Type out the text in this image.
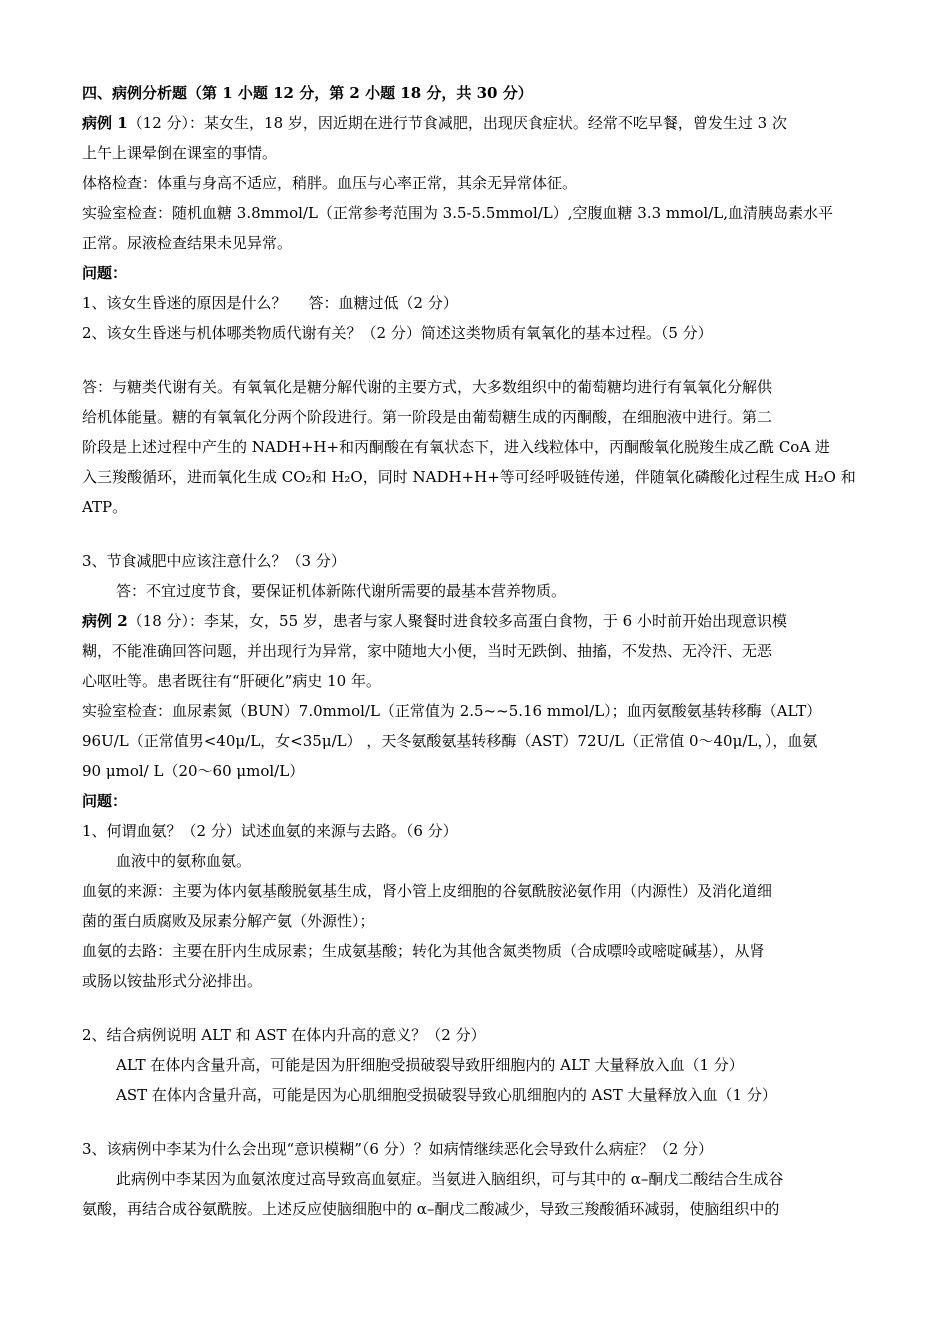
四、病例分析题（第 1 小题 12 分，第 2 小题 18 分，共 30 分）
病例 1（12 分）：某女生，18 岁，因近期在进行节食减肥，出现厌食症状。经常不吃早餐，曾发生过 3 次
上午上课晕倒在课室的事情。
体格检查：体重与身高不适应，稍胖。血压与心率正常，其余无异常体征。
实验室检查：随机血糖 3.8mmol/L（正常参考范围为 3.5-5.5mmol/L）,空腹血糖 3.3 mmol/L,血清胰岛素水平
正常。尿液检查结果未见异常。
问题：
1、该女生昏迷的原因是什么？ 答：血糖过低（2 分）
2、该女生昏迷与机体哪类物质代谢有关？（2 分）简述这类物质有氧氧化的基本过程。（5 分）
答：与糖类代谢有关。有氧氧化是糖分解代谢的主要方式，大多数组织中的葡萄糖均进行有氧氧化分解供
给机体能量。糖的有氧氧化分两个阶段进行。第一阶段是由葡萄糖生成的丙酮酸，在细胞液中进行。第二
阶段是上述过程中产生的 NADH+H+和丙酮酸在有氧状态下，进入线粒体中，丙酮酸氧化脱羧生成乙酰 CoA 进
入三羧酸循环，进而氧化生成 CO₂和 H₂O，同时 NADH+H+等可经呼吸链传递，伴随氧化磷酸化过程生成 H₂O 和
ATP。
3、节食减肥中应该注意什么？（3 分）
答：不宜过度节食，要保证机体新陈代谢所需要的最基本营养物质。
病例 2（18 分）：李某，女，55 岁，患者与家人聚餐时进食较多高蛋白食物，于 6 小时前开始出现意识模
糊，不能准确回答问题，并出现行为异常，家中随地大小便，当时无跌倒、抽搐，不发热、无冷汗、无恶
心呕吐等。患者既往有“肝硬化”病史 10 年。
实验室检查：血尿素氮（BUN）7.0mmol/L（正常值为 2.5~~5.16 mmol/L）；血丙氨酸氨基转移酶（ALT）
96U/L（正常值男<40μ/L，女<35μ/L） ，天冬氨酸氨基转移酶（AST）72U/L（正常值 0～40μ/L，），血氨
90 μmol/ L（20～60 μmol/L）
问题：
1、何谓血氨？（2 分）试述血氨的来源与去路。（6 分）
血液中的氨称血氨。
血氨的来源：主要为体内氨基酸脱氨基生成，肾小管上皮细胞的谷氨酰胺泌氨作用（内源性）及消化道细
菌的蛋白质腐败及尿素分解产氨（外源性）；
血氨的去路：主要在肝内生成尿素；生成氨基酸；转化为其他含氮类物质（合成嘌呤或嘧啶碱基），从肾
或肠以铵盐形式分泌排出。
2、结合病例说明 ALT 和 AST 在体内升高的意义？（2 分）
ALT 在体内含量升高，可能是因为肝细胞受损破裂导致肝细胞内的 ALT 大量释放入血（1 分）
AST 在体内含量升高，可能是因为心肌细胞受损破裂导致心肌细胞内的 AST 大量释放入血（1 分）
3、该病例中李某为什么会出现“意识模糊”（6 分）？如病情继续恶化会导致什么病症？（2 分）
此病例中李某因为血氨浓度过高导致高血氨症。当氨进入脑组织，可与其中的 α–酮戊二酸结合生成谷
氨酸，再结合成谷氨酰胺。上述反应使脑细胞中的 α–酮戊二酸减少，导致三羧酸循环减弱，使脑组织中的
